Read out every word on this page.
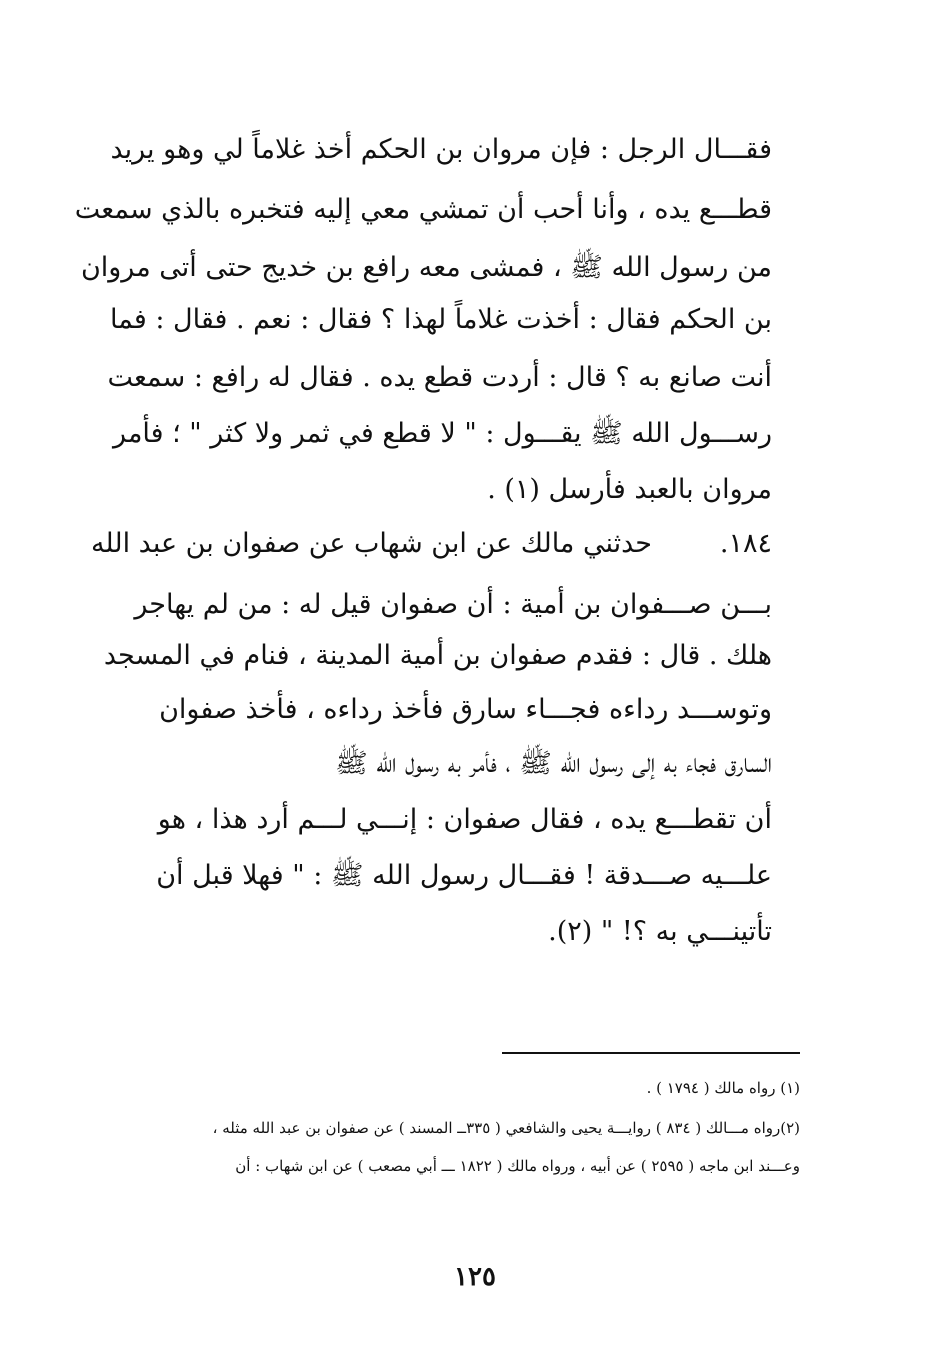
فقـــال الرجل : فإن مروان بن الحكم أخذ غلاماً لي وهو يريد
قطـــع يده ، وأنا أحب أن تمشي معي إليه فتخبره بالذي سمعت
من رسول الله ﷺ ، فمشى معه رافع بن خديج حتى أتى مروان
بن الحكم فقال : أخذت غلاماً لهذا ؟ فقال : نعم . فقال : فما
أنت صانع به ؟ قال : أردت قطع يده . فقال له رافع : سمعت
رســـول الله ﷺ يقـــول : " لا قطع في ثمر ولا كثر " ؛ فأمر
مروان بالعبد فأرسل (١) .
حدثني مالك عن ابن شهاب عن صفوان بن عبد الله	١٨٤.
بـــن صـــفوان بن أمية : أن صفوان قيل له : من لم يهاجر
هلك . قال : فقدم صفوان بن أمية المدينة ، فنام في المسجد
وتوســـد رداءه فجـــاء سارق فأخذ رداءه ، فأخذ صفوان
السارق فجاء به إلى رسول الله ﷺ ، فأمر به رسول الله ﷺ
أن تقطـــع يده ، فقال صفوان : إنـــي لـــم أرد هذا ، هو
علـــيه صـــدقة ! فقـــال رسول الله ﷺ : " فهلا قبل أن
تأتينـــي به ؟! " (٢).
(١) رواه مالك ( ١٧٩٤ ) .
(٢)رواه مـــالك ( ٨٣٤ ) روايـــة يحيى والشافعي ( ٣٣٥ــ المسند ) عن صفوان بن عبد الله مثله ،
وعـــند ابن ماجه ( ٢٥٩٥ ) عن أبيه ، ورواه مالك ( ١٨٢٢ ـــ أبي مصعب ) عن ابن شهاب : أن
١٢٥
